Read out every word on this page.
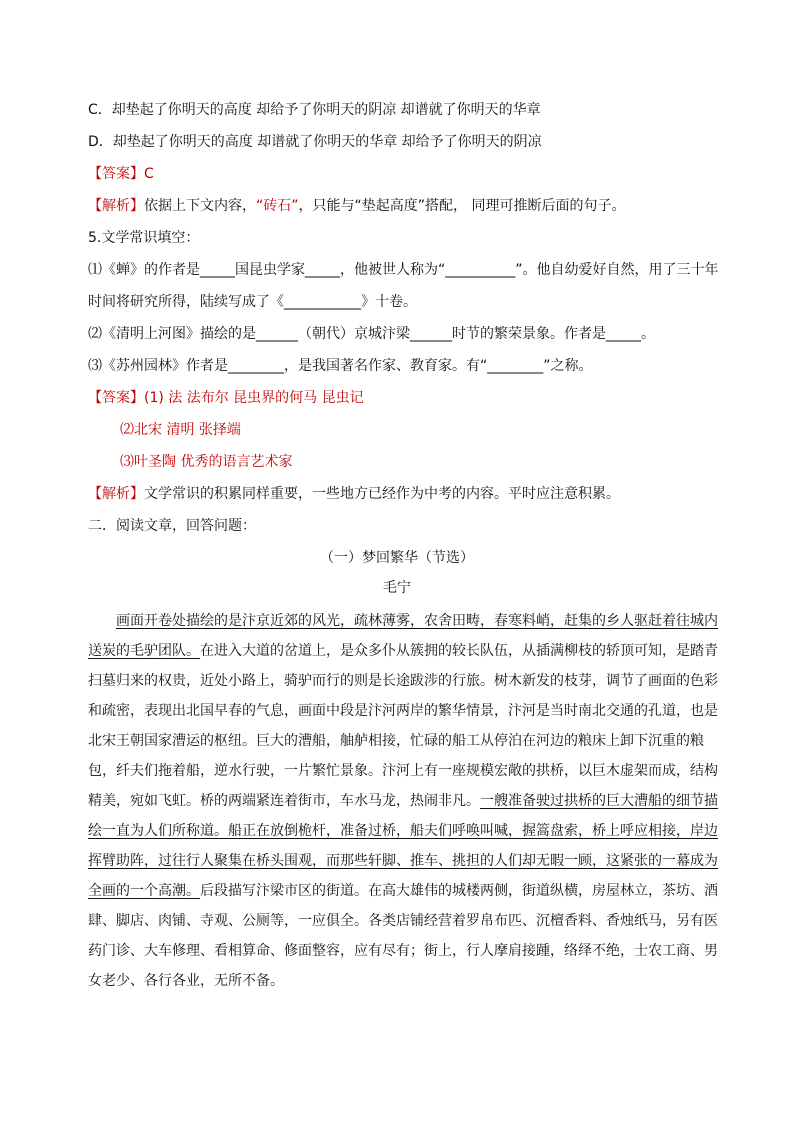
C．却垫起了你明天的高度 却给予了你明天的阴凉 却谱就了你明天的华章
D．却垫起了你明天的高度 却谱就了你明天的华章 却给予了你明天的阴凉
【答案】C
【解析】依据上下文内容，“砖石”，只能与“垫起高度”搭配， 同理可推断后面的句子。
5.文学常识填空：
⑴《蝉》的作者是_____国昆虫学家_____，他被世人称为“__________”。他自幼爱好自然，用了三十年
时间将研究所得，陆续写成了《___________》十卷。
⑵《清明上河图》描绘的是______（朝代）京城汴梁______时节的繁荣景象。作者是_____。
⑶《苏州园林》作者是________，是我国著名作家、教育家。有“________”之称。
【答案】(1) 法 法布尔 昆虫界的何马 昆虫记
⑵北宋 清明 张择端
⑶叶圣陶 优秀的语言艺术家
【解析】文学常识的积累同样重要，一些地方已经作为中考的内容。平时应注意积累。
二．阅读文章，回答问题：
（一）梦回繁华（节选）
毛宁

画面开卷处描绘的是汴京近郊的风光，疏林薄雾，农舍田畴，春寒料峭，赶集的乡人驱赶着往城内送炭的毛驴团队。在进入大道的岔道上，是众多仆从簇拥的较长队伍，从插满柳枝的轿顶可知，是踏青扫墓归来的权贵，近处小路上，骑驴而行的则是长途跋涉的行旅。树木新发的枝芽，调节了画面的色彩和疏密，表现出北国早春的气息，画面中段是汴河两岸的繁华情景，汴河是当时南北交通的孔道，也是北宋王朝国家漕运的枢纽。巨大的漕船，舳舻相接，忙碌的船工从停泊在河边的粮床上卸下沉重的粮包，纤夫们拖着船，逆水行驶，一片繁忙景象。汴河上有一座规模宏敞的拱桥，以巨木虚架而成，结构精美，宛如飞虹。桥的两端紧连着街市，车水马龙，热闹非凡。一艘准备驶过拱桥的巨大漕船的细节描绘一直为人们所称道。船正在放倒桅杆，准备过桥，船夫们呼唤叫喊，握篙盘索，桥上呼应相接，岸边挥臂助阵，过往行人聚集在桥头围观，而那些轩脚、推车、挑担的人们却无暇一顾，这紧张的一幕成为全画的一个高潮。后段描写汴梁市区的街道。在高大雄伟的城楼两侧，街道纵横，房屋林立，茶坊、酒肆、脚店、肉铺、寺观、公厕等，一应俱全。各类店铺经营着罗帛布匹、沉檀香料、香烛纸马，另有医药门诊、大车修理、看相算命、修面整容，应有尽有；街上，行人摩肩接踵，络绎不绝，士农工商、男女老少、各行各业，无所不备。
